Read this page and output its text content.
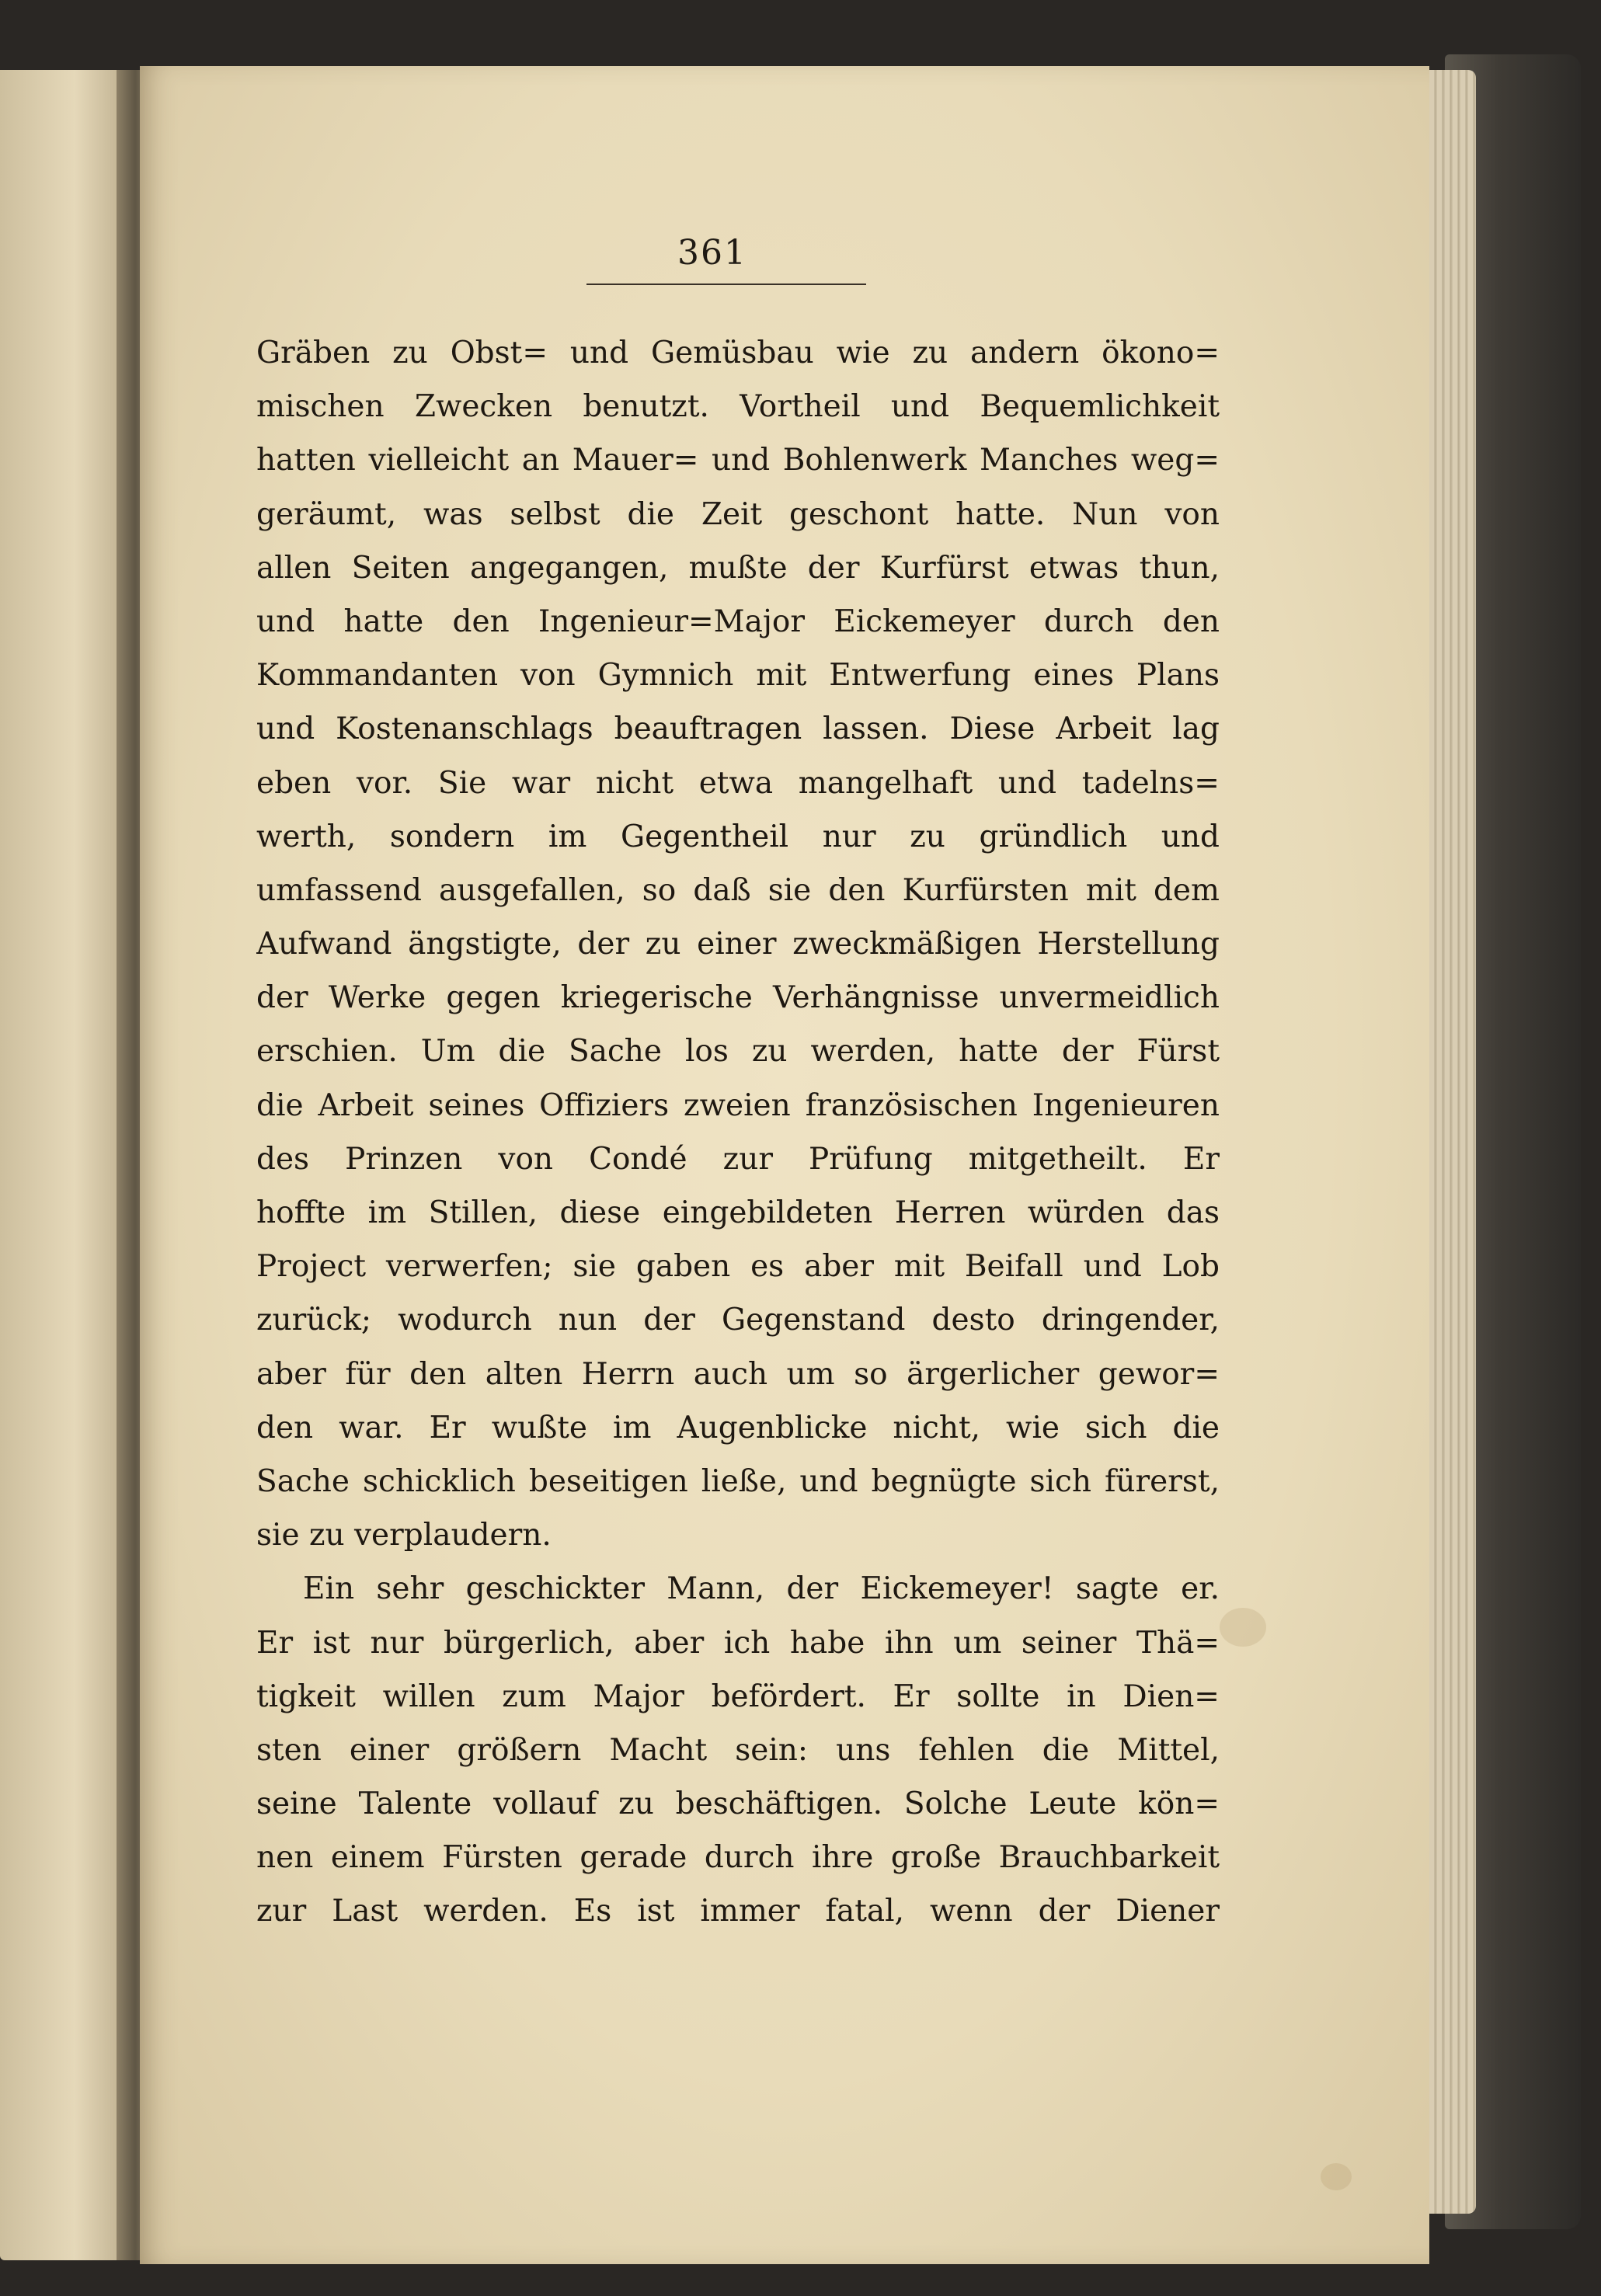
361
Gräben zu Obst= und Gemüsbau wie zu andern ökono=
mischen Zwecken benutzt. Vortheil und Bequemlichkeit
hatten vielleicht an Mauer= und Bohlenwerk Manches weg=
geräumt, was selbst die Zeit geschont hatte. Nun von
allen Seiten angegangen, mußte der Kurfürst etwas thun,
und hatte den Ingenieur=Major Eickemeyer durch den
Kommandanten von Gymnich mit Entwerfung eines Plans
und Kostenanschlags beauftragen lassen. Diese Arbeit lag
eben vor. Sie war nicht etwa mangelhaft und tadelns=
werth, sondern im Gegentheil nur zu gründlich und
umfassend ausgefallen, so daß sie den Kurfürsten mit dem
Aufwand ängstigte, der zu einer zweckmäßigen Herstellung
der Werke gegen kriegerische Verhängnisse unvermeidlich
erschien. Um die Sache los zu werden, hatte der Fürst
die Arbeit seines Offiziers zweien französischen Ingenieuren
des Prinzen von Condé zur Prüfung mitgetheilt. Er
hoffte im Stillen, diese eingebildeten Herren würden das
Project verwerfen; sie gaben es aber mit Beifall und Lob
zurück; wodurch nun der Gegenstand desto dringender,
aber für den alten Herrn auch um so ärgerlicher gewor=
den war. Er wußte im Augenblicke nicht, wie sich die
Sache schicklich beseitigen ließe, und begnügte sich fürerst,
sie zu verplaudern.
Ein sehr geschickter Mann, der Eickemeyer! sagte er.
Er ist nur bürgerlich, aber ich habe ihn um seiner Thä=
tigkeit willen zum Major befördert. Er sollte in Dien=
sten einer größern Macht sein: uns fehlen die Mittel,
seine Talente vollauf zu beschäftigen. Solche Leute kön=
nen einem Fürsten gerade durch ihre große Brauchbarkeit
zur Last werden. Es ist immer fatal, wenn der Diener
